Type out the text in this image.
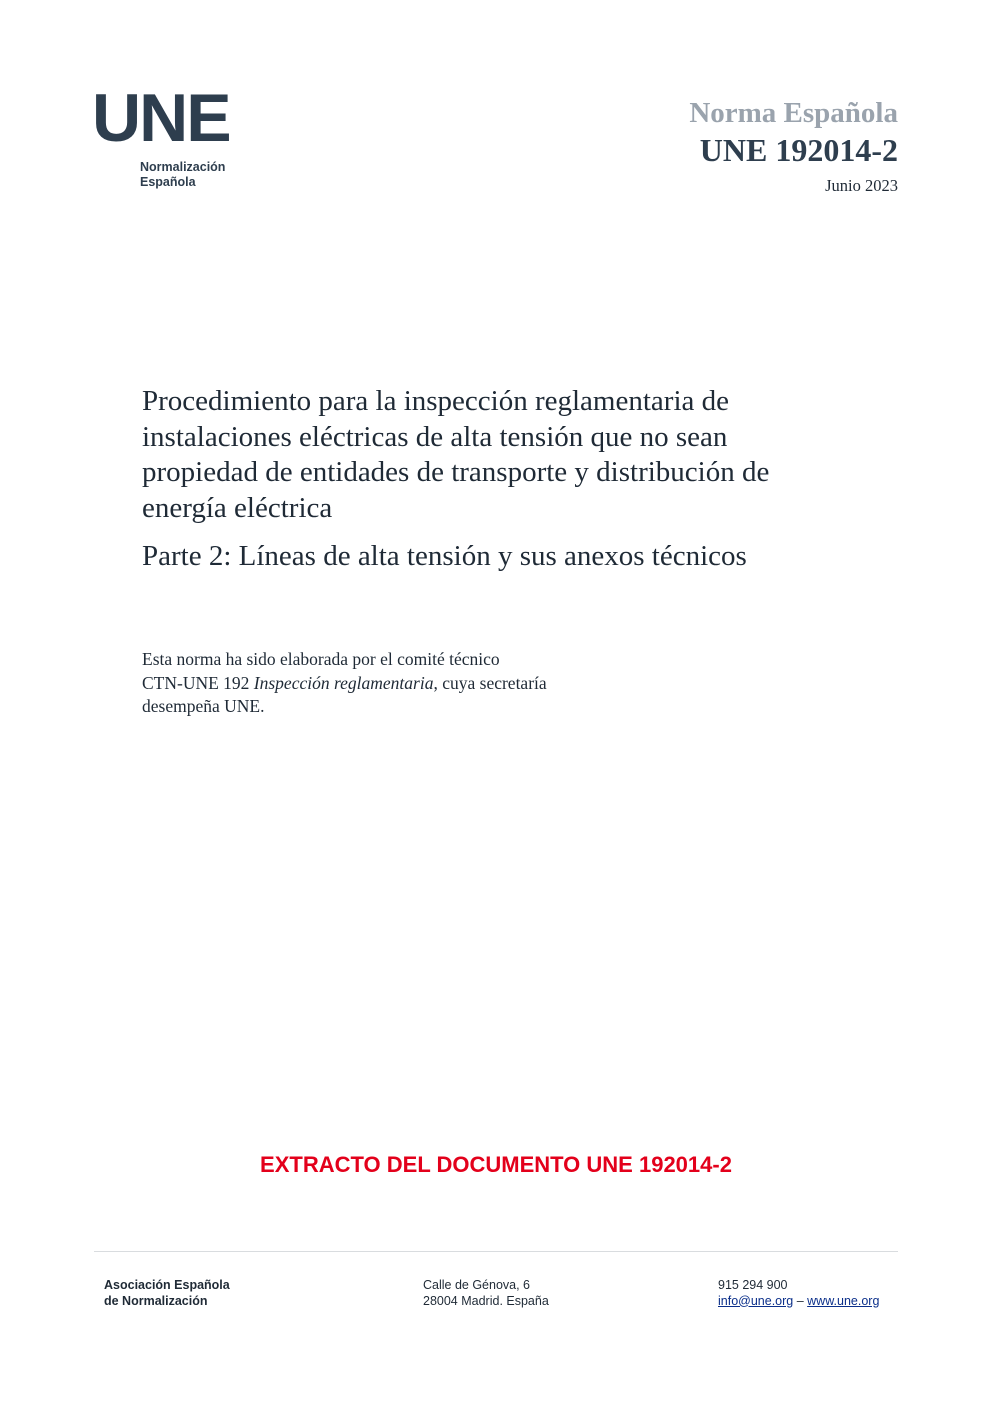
UNE
Normalización
Española
Norma Española
UNE 192014-2
Junio 2023
Procedimiento para la inspección reglamentaria de
instalaciones eléctricas de alta tensión que no sean
propiedad de entidades de transporte y distribución de
energía eléctrica
Parte 2: Líneas de alta tensión y sus anexos técnicos
Esta norma ha sido elaborada por el comité técnico
CTN-UNE 192 Inspección reglamentaria, cuya secretaría
desempeña UNE.
EXTRACTO DEL DOCUMENTO UNE 192014-2
Asociación Española
de Normalización
Calle de Génova, 6
28004 Madrid. España
915 294 900
info@une.org – www.une.org
